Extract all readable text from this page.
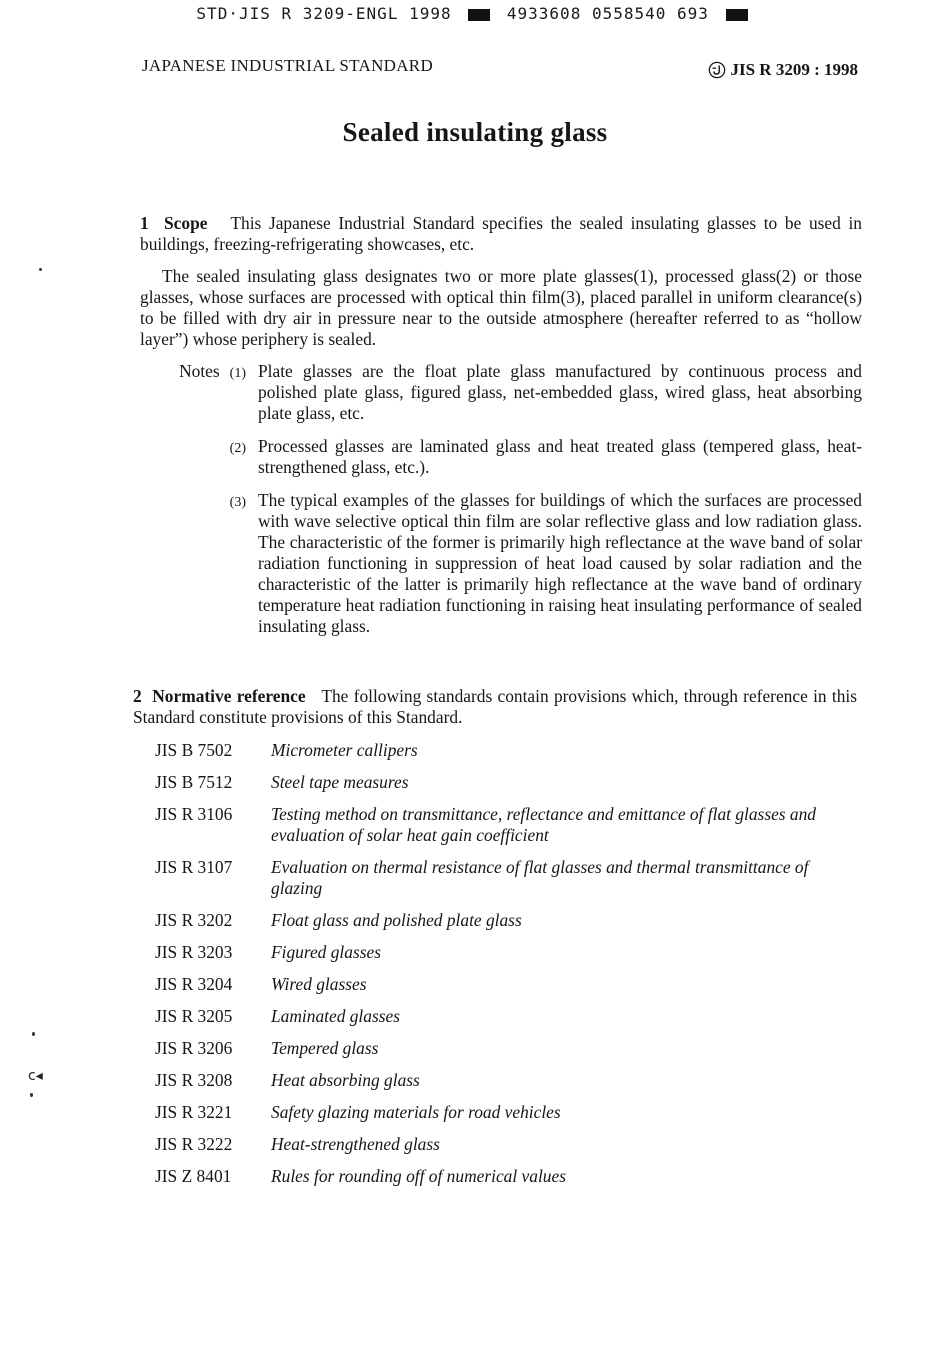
STD·JIS R 3209-ENGL 1998	4933608 0558540 693
JAPANESE INDUSTRIAL STANDARD	JIS R 3209 : 1998
Sealed insulating glass
1 Scope This Japanese Industrial Standard specifies the sealed insulating glasses to be used in buildings, freezing-refrigerating showcases, etc.
The sealed insulating glass designates two or more plate glasses(1), processed glass(2) or those glasses, whose surfaces are processed with optical thin film(3), placed parallel in uniform clearance(s) to be filled with dry air in pressure near to the outside atmosphere (hereafter referred to as “hollow layer”) whose periphery is sealed.
Notes (1) Plate glasses are the float plate glass manufactured by continuous process and polished plate glass, figured glass, net-embedded glass, wired glass, heat absorbing plate glass, etc.
(2) Processed glasses are laminated glass and heat treated glass (tempered glass, heat-strengthened glass, etc.).
(3) The typical examples of the glasses for buildings of which the surfaces are processed with wave selective optical thin film are solar reflective glass and low radiation glass. The characteristic of the former is primarily high reflectance at the wave band of solar radiation functioning in suppression of heat load caused by solar radiation and the characteristic of the latter is primarily high reflectance at the wave band of ordinary temperature heat radiation functioning in raising heat insulating performance of sealed insulating glass.
2 Normative reference The following standards contain provisions which, through reference in this Standard constitute provisions of this Standard.
JIS B 7502	Micrometer callipers
JIS B 7512	Steel tape measures
JIS R 3106	Testing method on transmittance, reflectance and emittance of flat glasses and evaluation of solar heat gain coefficient
JIS R 3107	Evaluation on thermal resistance of flat glasses and thermal transmittance of glazing
JIS R 3202	Float glass and polished plate glass
JIS R 3203	Figured glasses
JIS R 3204	Wired glasses
JIS R 3205	Laminated glasses
JIS R 3206	Tempered glass
JIS R 3208	Heat absorbing glass
JIS R 3221	Safety glazing materials for road vehicles
JIS R 3222	Heat-strengthened glass
JIS Z 8401	Rules for rounding off of numerical values
c◂
